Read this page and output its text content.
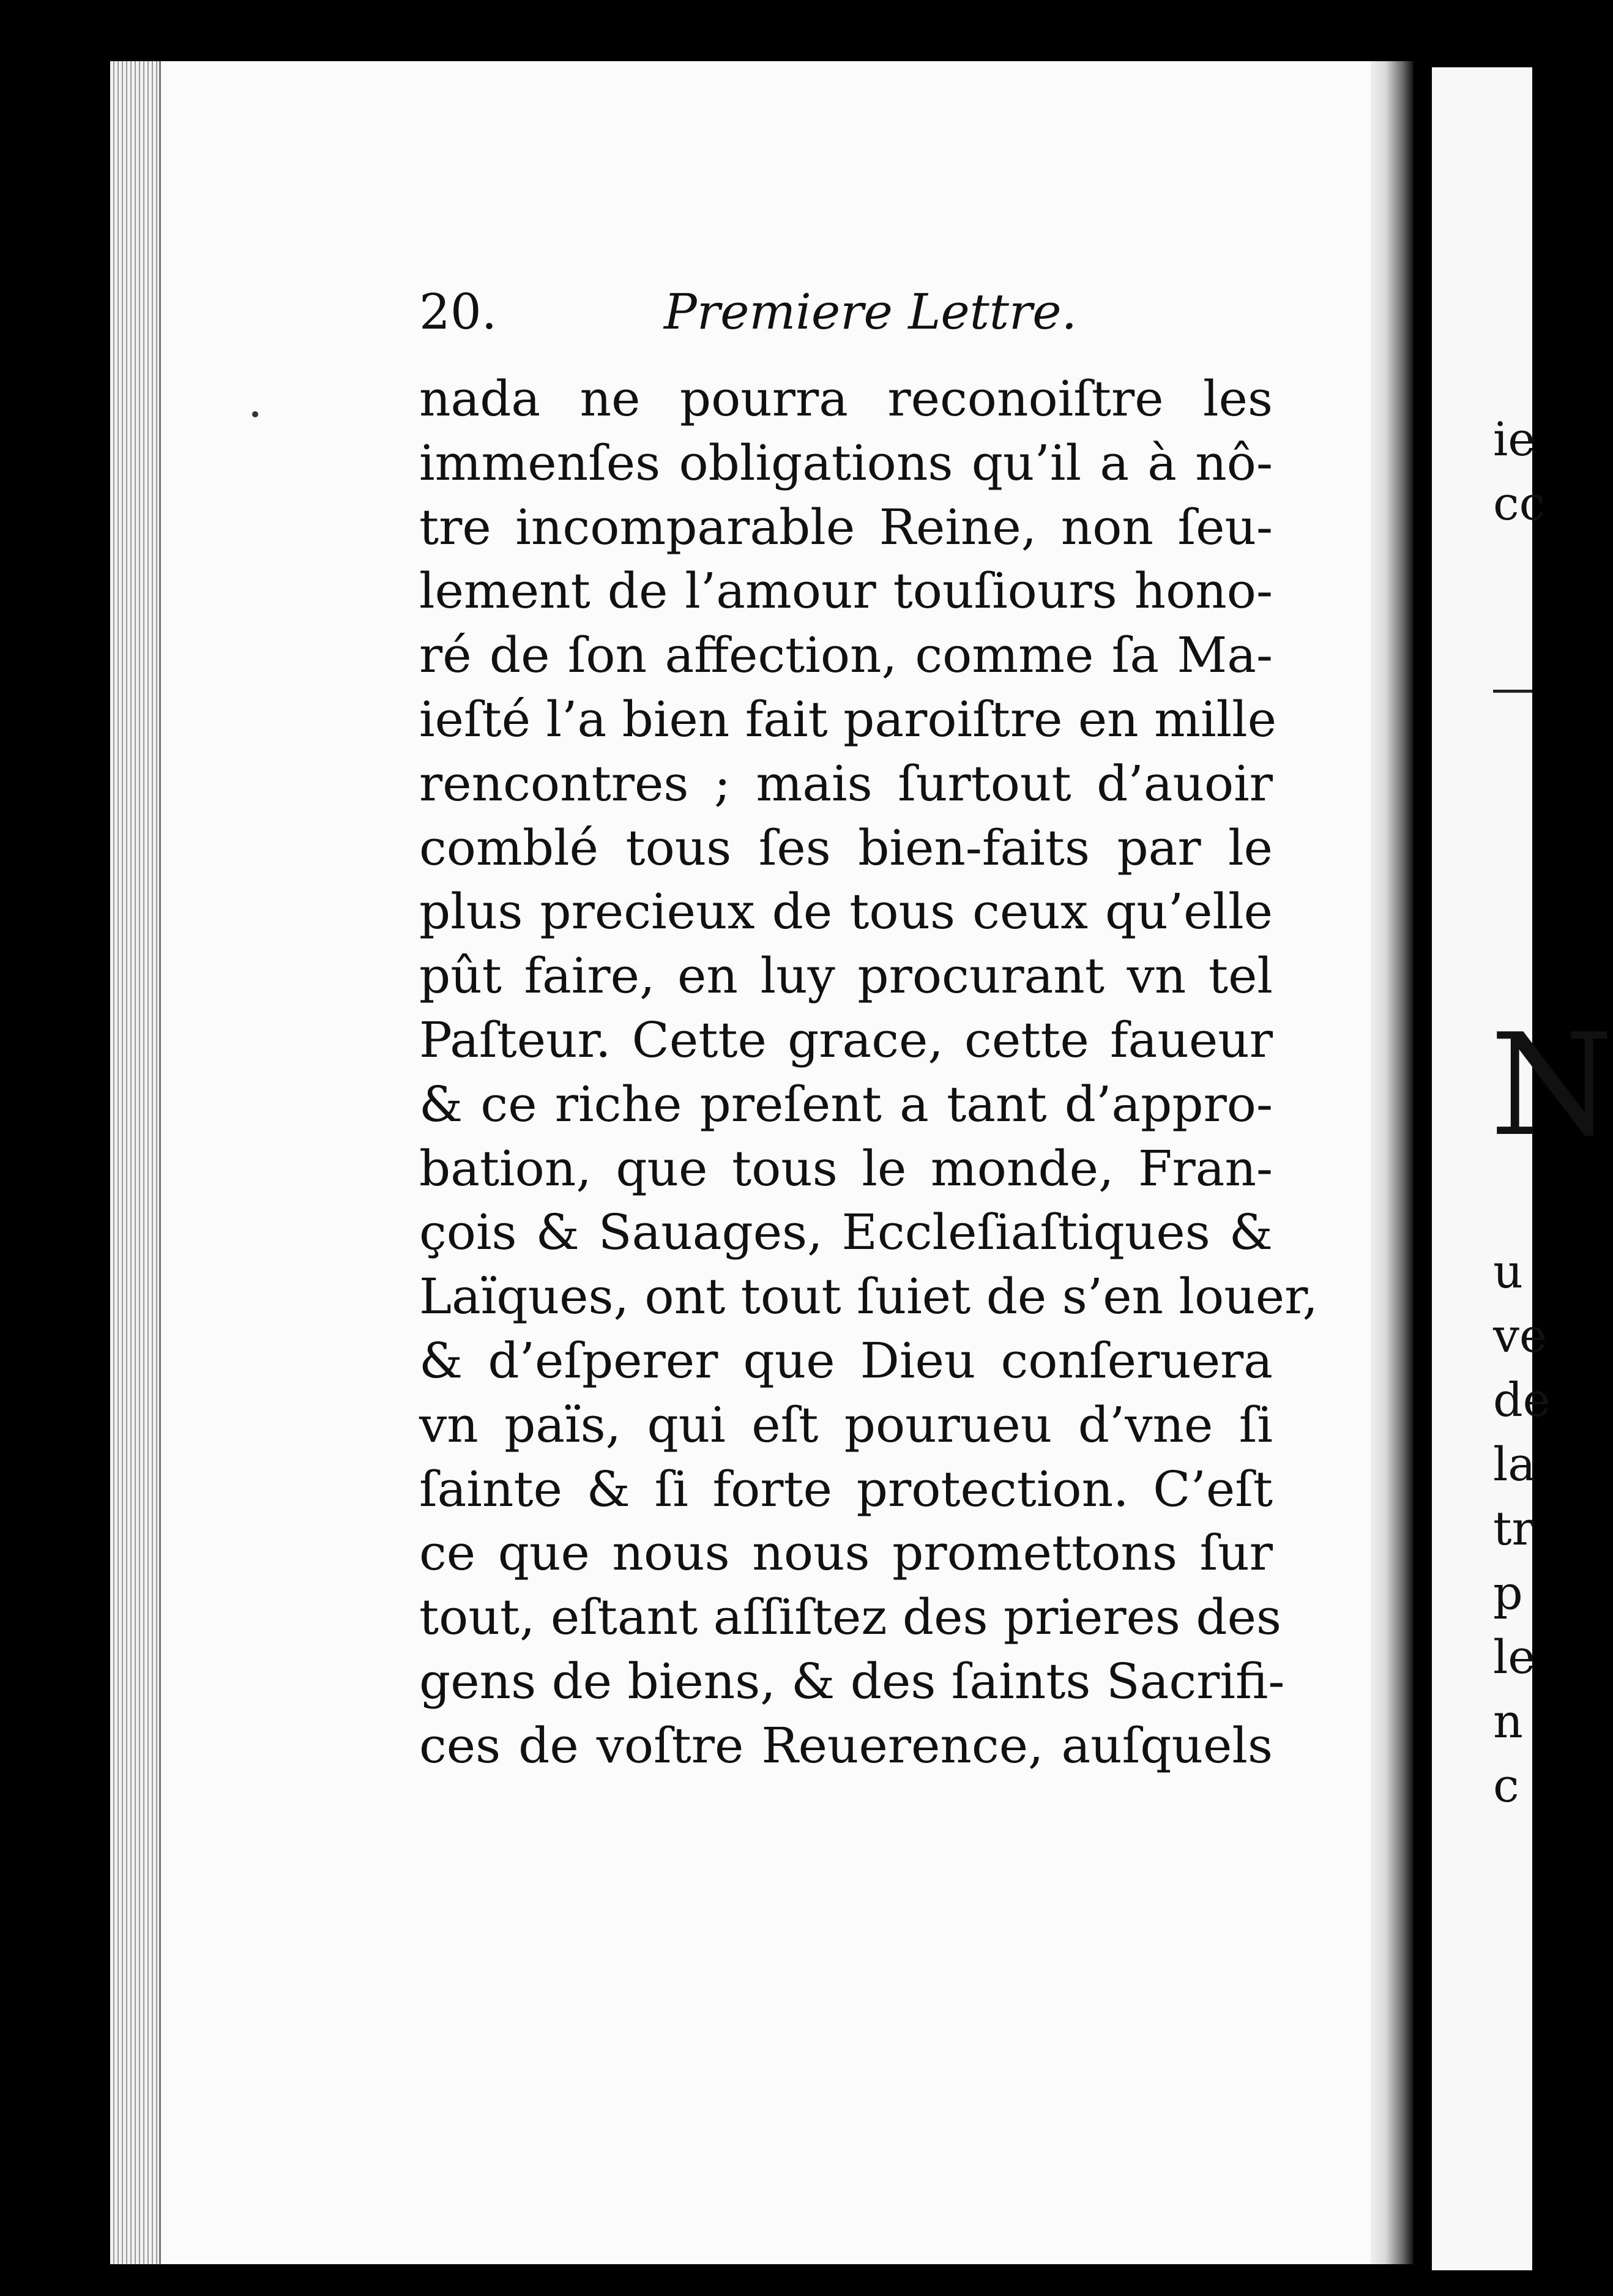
20.	Premiere Lettre.
nada ne pourra reconoiſtre les
immenſes obligations qu’il a à nô-
tre incomparable Reine, non ſeu-
lement de l’amour touſiours hono-
ré de ſon affection, comme ſa Ma-
ieſté l’a bien fait paroiſtre en mille
rencontres ; mais ſurtout d’auoir
comblé tous ſes bien-faits par le
plus precieux de tous ceux qu’elle
pût faire, en luy procurant vn tel
Paſteur. Cette grace, cette faueur
& ce riche preſent a tant d’appro-
bation, que tous le monde, Fran-
çois & Sauages, Eccleſiaſtiques &
Laïques, ont tout ſuiet de s’en louer,
& d’eſperer que Dieu conſeruera
vn païs, qui eſt pourueu d’vne ſi
ſainte & ſi forte protection. C’eſt
ce que nous nous promettons ſur
tout, eſtant aſſiſtez des prieres des
gens de biens, & des ſaints Sacrifi-
ces de voſtre Reuerence, auſquels
ie
cc
N
u
ve
de
la
tr
p
le
n
c
